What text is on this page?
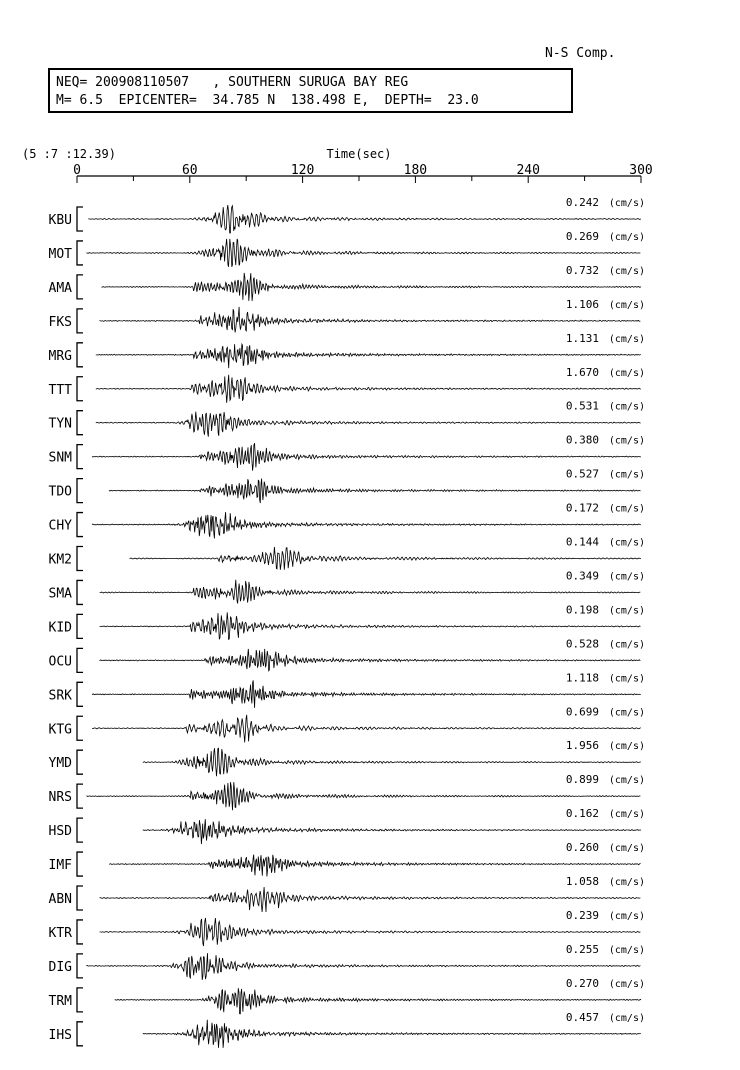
N-S Comp.
NEQ= 200908110507   , SOUTHERN SURUGA BAY REG
M= 6.5  EPICENTER=  34.785 N  138.498 E,  DEPTH=  23.0
(5 :7 :12.39)	Time(sec)
0	60	120	180	240	300
KBU
0.242 (cm/s)
MOT
0.269 (cm/s)
AMA
0.732 (cm/s)
FKS
1.106 (cm/s)
MRG
1.131 (cm/s)
TTT
1.670 (cm/s)
TYN
0.531 (cm/s)
SNM
0.380 (cm/s)
TDO
0.527 (cm/s)
CHY
0.172 (cm/s)
KM2
0.144 (cm/s)
SMA
0.349 (cm/s)
KID
0.198 (cm/s)
OCU
0.528 (cm/s)
SRK
1.118 (cm/s)
KTG
0.699 (cm/s)
YMD
1.956 (cm/s)
NRS
0.899 (cm/s)
HSD
0.162 (cm/s)
IMF
0.260 (cm/s)
ABN
1.058 (cm/s)
KTR
0.239 (cm/s)
DIG
0.255 (cm/s)
TRM
0.270 (cm/s)
IHS
0.457 (cm/s)
